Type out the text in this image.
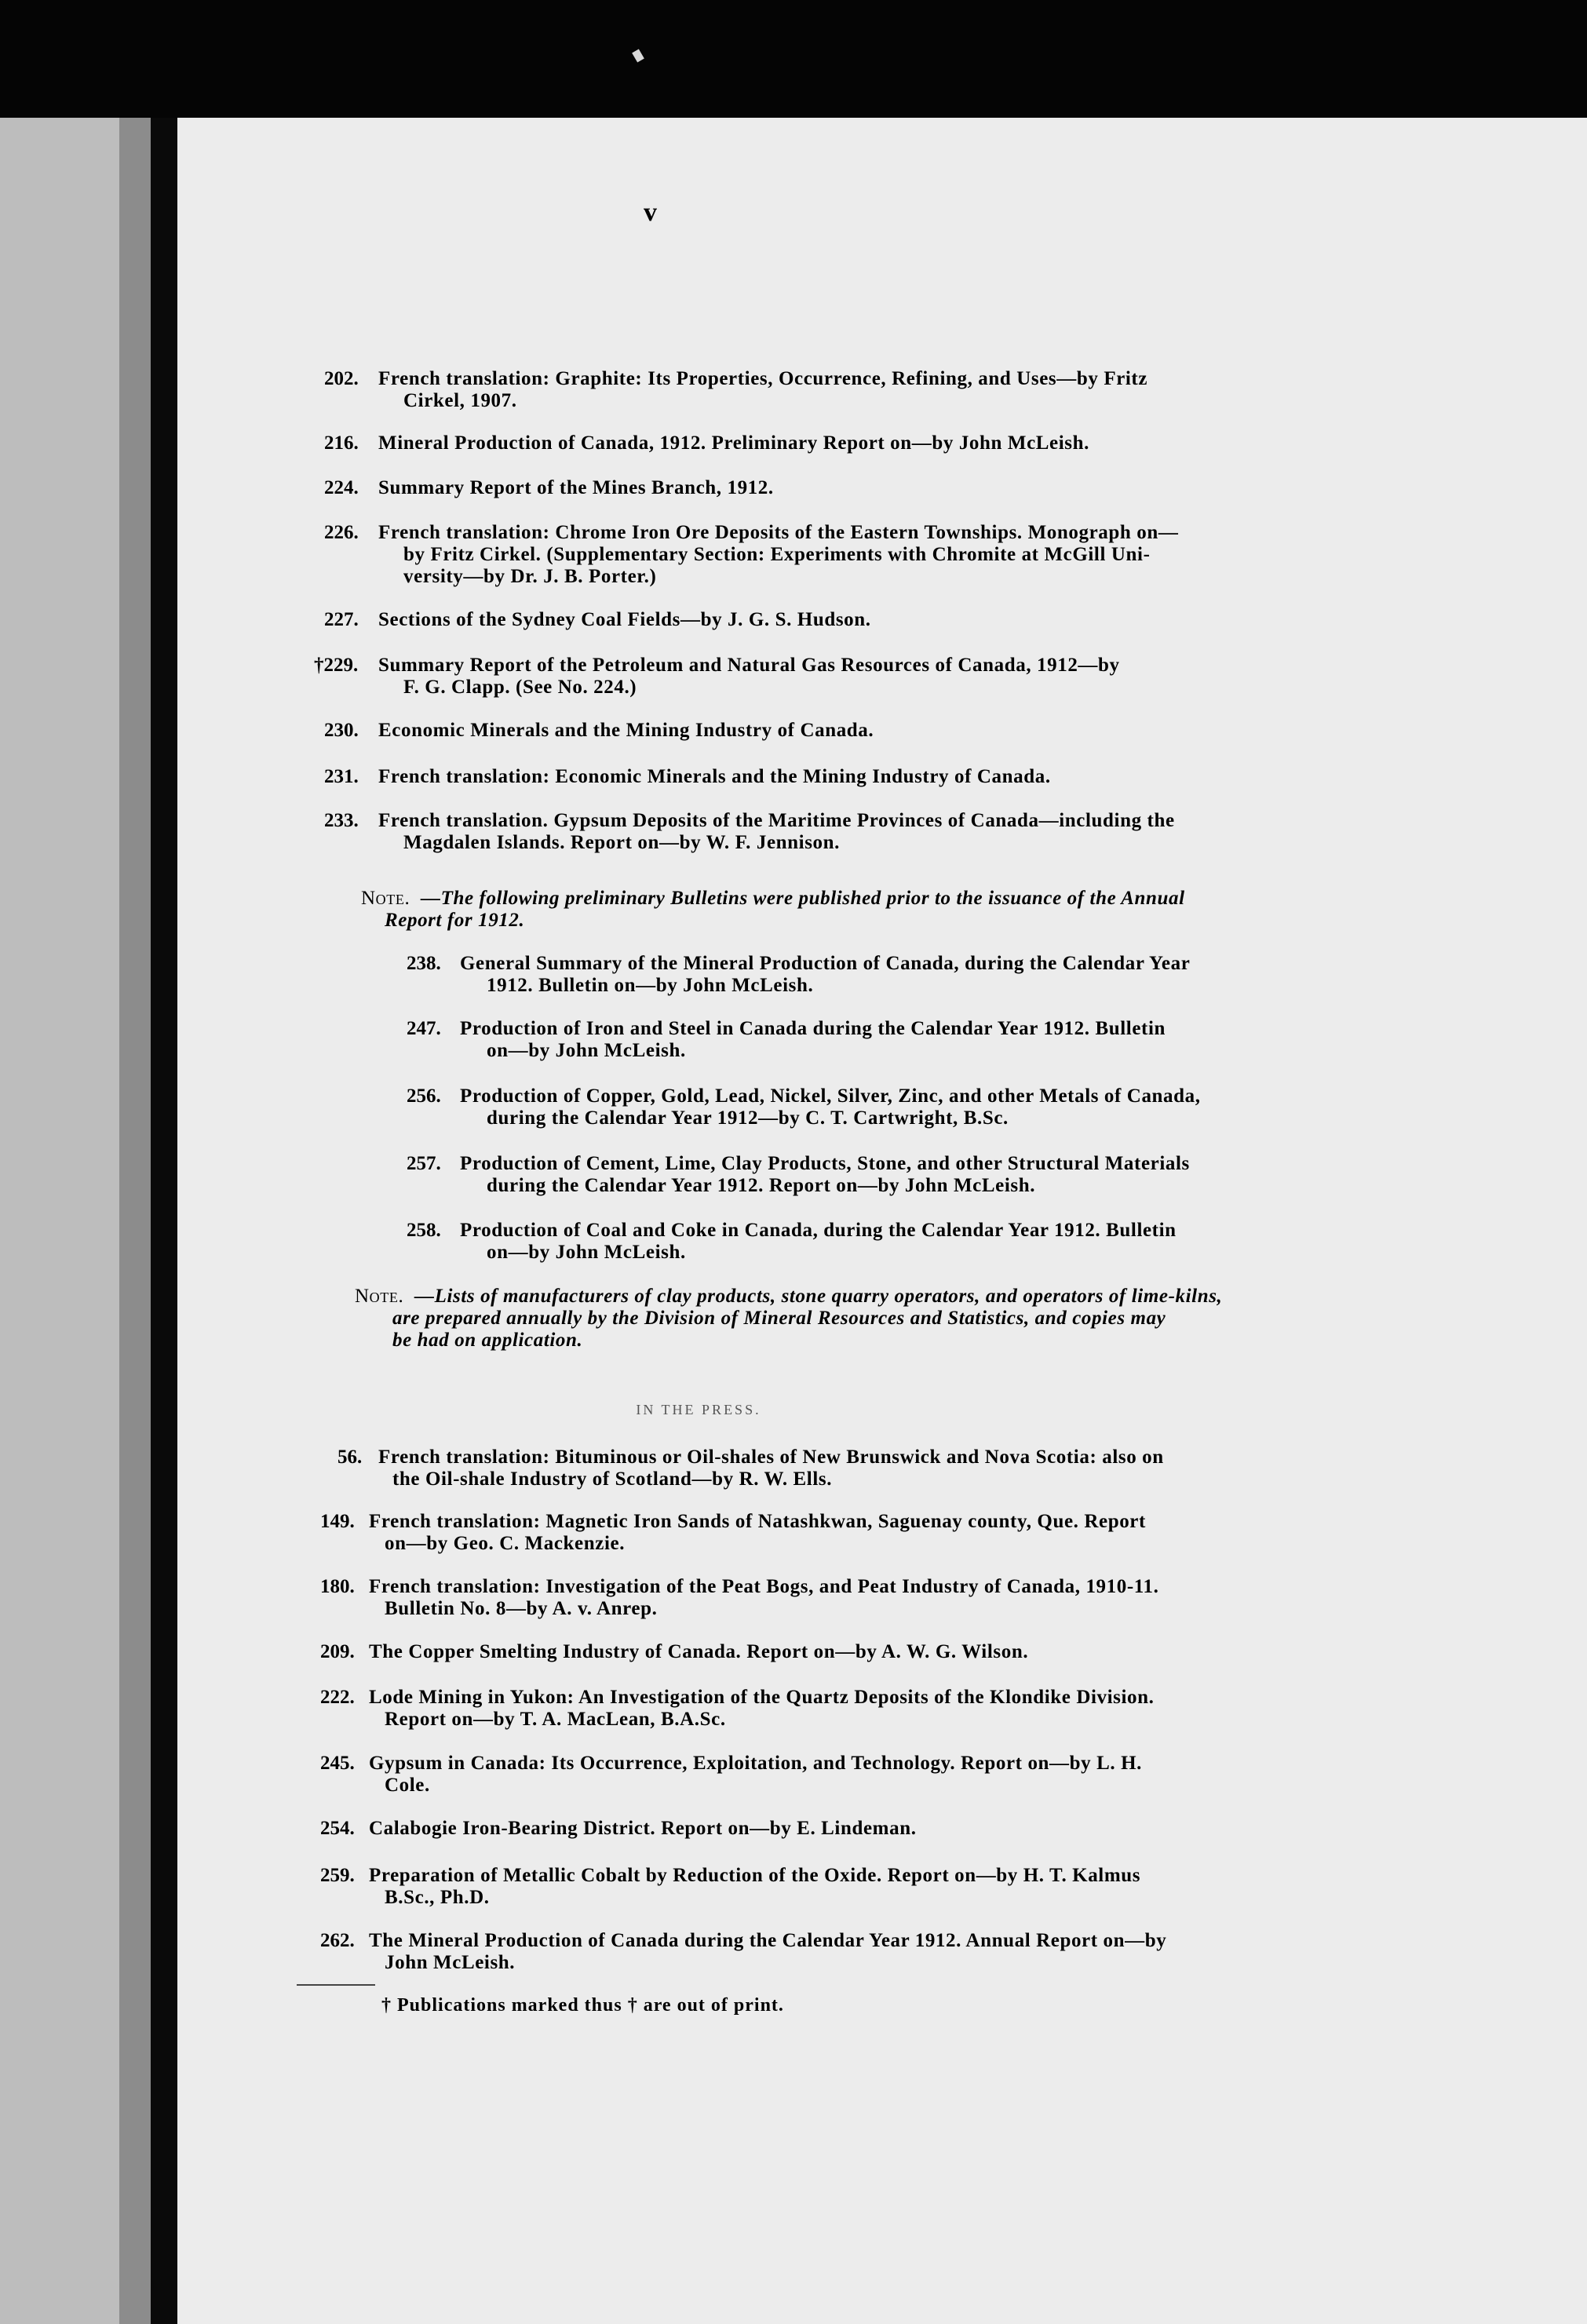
v
202. French translation: Graphite: Its Properties, Occurrence, Refining, and Uses—by Fritz
Cirkel, 1907.
216. Mineral Production of Canada, 1912. Preliminary Report on—by John McLeish.
224. Summary Report of the Mines Branch, 1912.
226. French translation: Chrome Iron Ore Deposits of the Eastern Townships. Monograph on—
by Fritz Cirkel. (Supplementary Section: Experiments with Chromite at McGill Uni-
versity—by Dr. J. B. Porter.)
227. Sections of the Sydney Coal Fields—by J. G. S. Hudson.
†229. Summary Report of the Petroleum and Natural Gas Resources of Canada, 1912—by
F. G. Clapp. (See No. 224.)
230. Economic Minerals and the Mining Industry of Canada.
231. French translation: Economic Minerals and the Mining Industry of Canada.
233. French translation. Gypsum Deposits of the Maritime Provinces of Canada—including the
Magdalen Islands. Report on—by W. F. Jennison.
Note. —The following preliminary Bulletins were published prior to the issuance of the Annual
Report for 1912.
238. General Summary of the Mineral Production of Canada, during the Calendar Year
1912. Bulletin on—by John McLeish.
247. Production of Iron and Steel in Canada during the Calendar Year 1912. Bulletin
on—by John McLeish.
256. Production of Copper, Gold, Lead, Nickel, Silver, Zinc, and other Metals of Canada,
during the Calendar Year 1912—by C. T. Cartwright, B.Sc.
257. Production of Cement, Lime, Clay Products, Stone, and other Structural Materials
during the Calendar Year 1912. Report on—by John McLeish.
258. Production of Coal and Coke in Canada, during the Calendar Year 1912. Bulletin
on—by John McLeish.
Note. —Lists of manufacturers of clay products, stone quarry operators, and operators of lime-kilns,
are prepared annually by the Division of Mineral Resources and Statistics, and copies may
be had on application.
IN THE PRESS.
56. French translation: Bituminous or Oil-shales of New Brunswick and Nova Scotia: also on
the Oil-shale Industry of Scotland—by R. W. Ells.
149. French translation: Magnetic Iron Sands of Natashkwan, Saguenay county, Que. Report
on—by Geo. C. Mackenzie.
180. French translation: Investigation of the Peat Bogs, and Peat Industry of Canada, 1910-11.
Bulletin No. 8—by A. v. Anrep.
209. The Copper Smelting Industry of Canada. Report on—by A. W. G. Wilson.
222. Lode Mining in Yukon: An Investigation of the Quartz Deposits of the Klondike Division.
Report on—by T. A. MacLean, B.A.Sc.
245. Gypsum in Canada: Its Occurrence, Exploitation, and Technology. Report on—by L. H.
Cole.
254. Calabogie Iron-Bearing District. Report on—by E. Lindeman.
259. Preparation of Metallic Cobalt by Reduction of the Oxide. Report on—by H. T. Kalmus
B.Sc., Ph.D.
262. The Mineral Production of Canada during the Calendar Year 1912. Annual Report on—by
John McLeish.
† Publications marked thus † are out of print.
